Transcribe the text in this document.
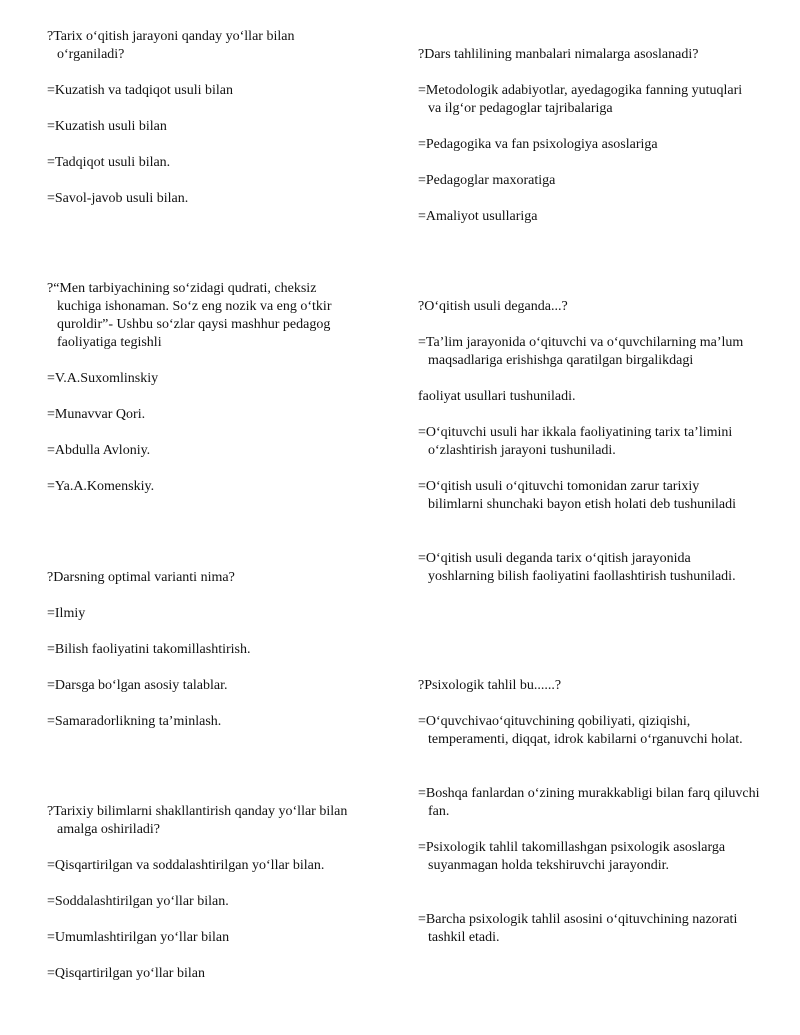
?Tarix o‘qitish jarayoni qanday yo‘llar bilan o‘rganiladi?

=Kuzatish va tadqiqot usuli bilan

=Kuzatish usuli bilan

=Tadqiqot usuli bilan.

=Savol-javob usuli bilan.

?“Men tarbiyachining so‘zidagi qudrati, cheksiz kuchiga ishonaman. So‘z eng nozik va eng o‘tkir quroldir”- Ushbu so‘zlar qaysi mashhur pedagog faoliyatiga tegishli

=V.A.Suxomlinskiy

=Munavvar Qori.

=Abdulla Avloniy.

=Ya.A.Komenskiy.

?Darsning optimal varianti nima?

=Ilmiy

=Bilish faoliyatini takomillashtirish.

=Darsga bo‘lgan asosiy talablar.

=Samaradorlikning ta’minlash.

?Tarixiy bilimlarni shakllantirish qanday yo‘llar bilan amalga oshiriladi?

=Qisqartirilgan va soddalashtirilgan yo‘llar bilan.

=Soddalashtirilgan yo‘llar bilan.

=Umumlashtirilgan yo‘llar bilan

=Qisqartirilgan yo‘llar bilan

?Dars tahlilining manbalari nimalarga asoslanadi?

=Metodologik adabiyotlar, ayedagogika fanning yutuqlari va ilg‘or pedagoglar tajribalariga

=Pedagogika va fan psixologiya asoslariga

=Pedagoglar maxoratiga

=Amaliyot usullariga

?O‘qitish usuli deganda...?

=Ta’lim jarayonida o‘qituvchi va o‘quvchilarning ma’lum maqsadlariga erishishga qaratilgan birgalikdagi

faoliyat usullari tushuniladi.

=O‘qituvchi usuli har ikkala faoliyatining tarix ta’limini o‘zlashtirish jarayoni tushuniladi.

=O‘qitish usuli o‘qituvchi tomonidan zarur tarixiy bilimlarni shunchaki bayon etish holati deb tushuniladi

=O‘qitish usuli deganda tarix o‘qitish jarayonida yoshlarning bilish faoliyatini faollashtirish tushuniladi.

?Psixologik tahlil bu......?

=O‘quvchivao‘qituvchining qobiliyati, qiziqishi, temperamenti, diqqat, idrok kabilarni o‘rganuvchi holat.

=Boshqa fanlardan o‘zining murakkabligi bilan farq qiluvchi fan.

=Psixologik tahlil takomillashgan psixologik asoslarga suyanmagan holda tekshiruvchi jarayondir.

=Barcha psixologik tahlil asosini o‘qituvchining nazorati tashkil etadi.
